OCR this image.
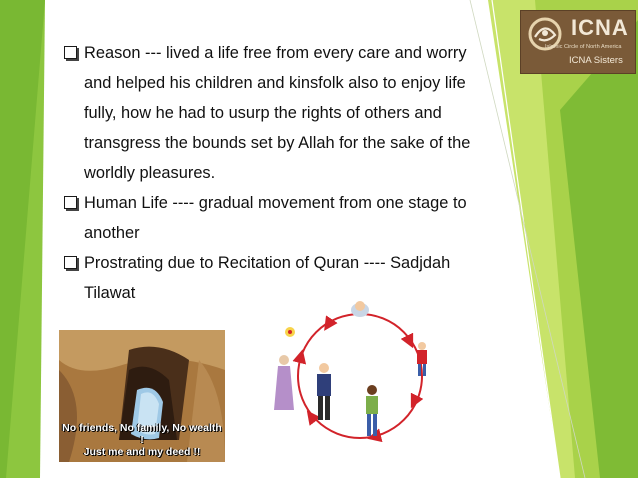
Reason --- lived a life free from every care and worry
and helped his children and kinsfolk also to enjoy life
fully, how he had to usurp the rights of others and
transgress the bounds set by Allah for the sake of the
worldly pleasures.
Human Life ---- gradual movement from one stage to
another
Prostrating due to Recitation of Quran ---- Sadjdah
Tilawat
ICNA
Islamic Circle of North America
ICNA Sisters
No friends, No family, No wealth !
Just me and my deed !!
